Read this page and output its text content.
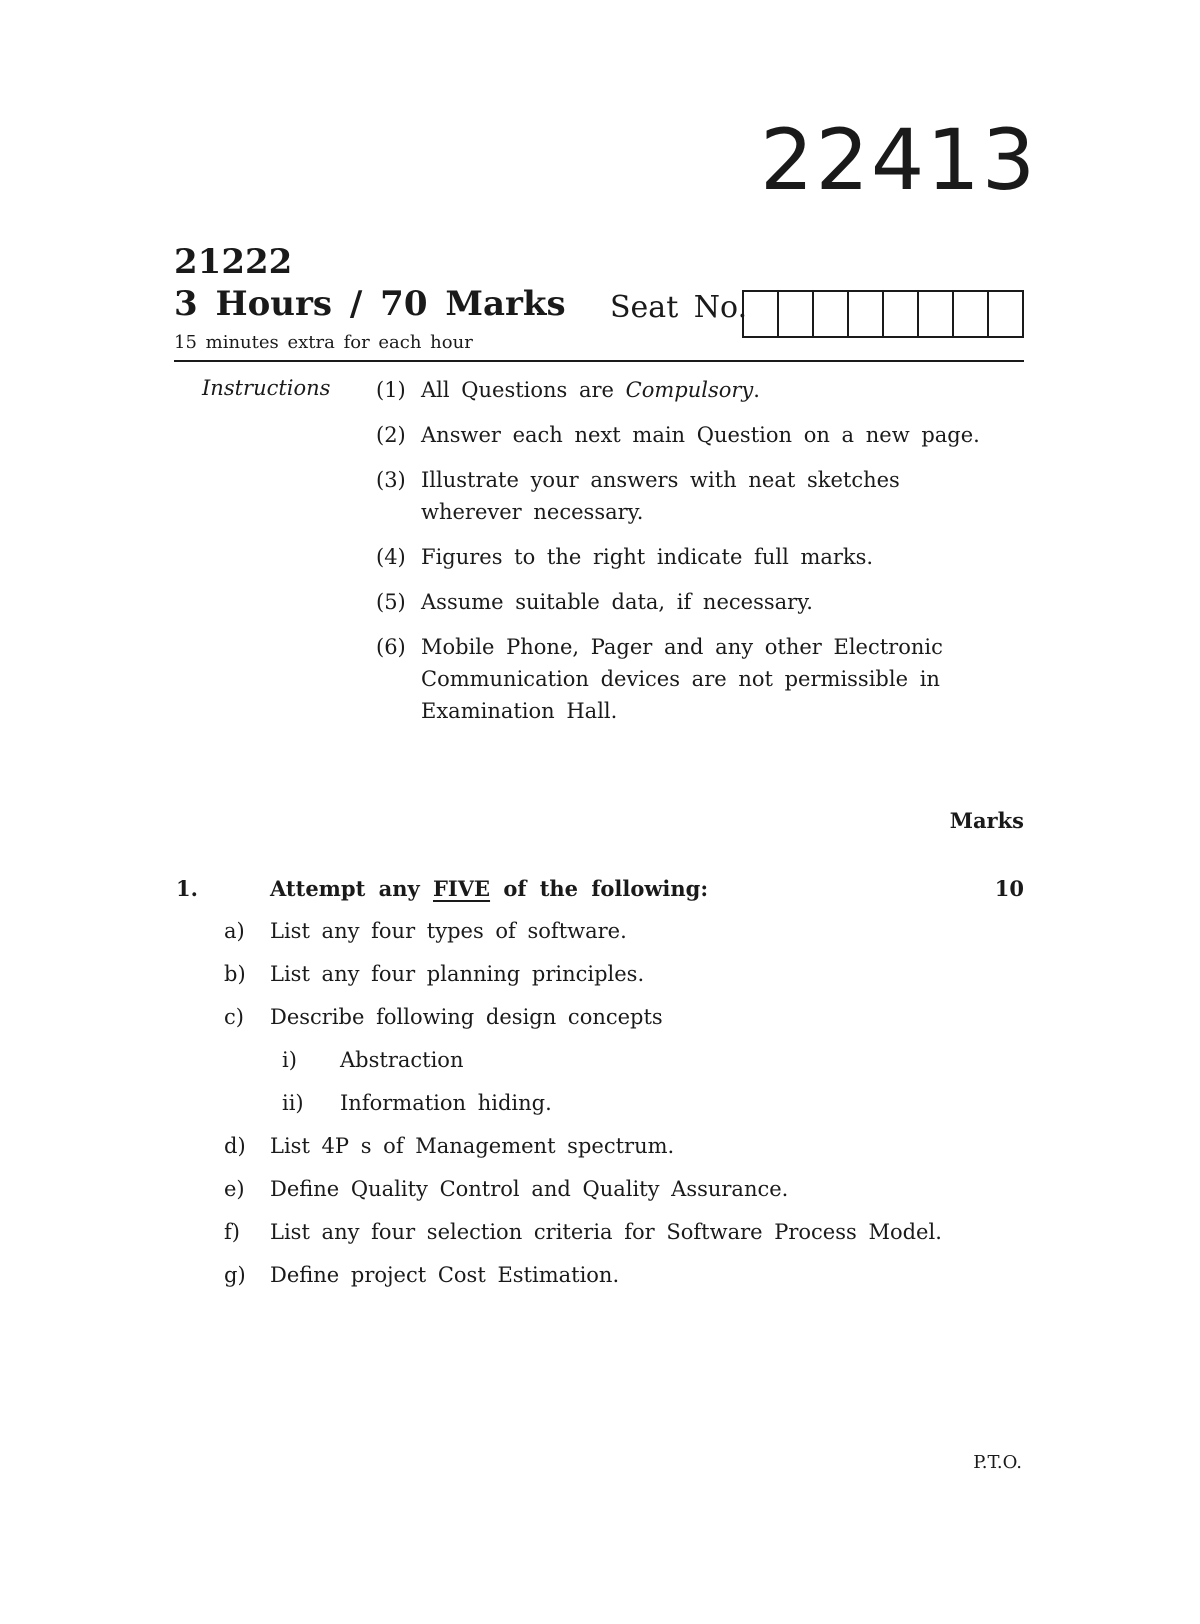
22413
21222
3 Hours / 70 Marks
15 minutes extra for each hour
Seat No.
Instructions (1) All Questions are Compulsory.
(2) Answer each next main Question on a new page.
(3) Illustrate your answers with neat sketches wherever necessary.
(4) Figures to the right indicate full marks.
(5) Assume suitable data, if necessary.
(6) Mobile Phone, Pager and any other Electronic Communication devices are not permissible in Examination Hall.
Marks
1.	Attempt any FIVE of the following:	10
a)	List any four types of software.
b)	List any four planning principles.
c)	Describe following design concepts
i)	Abstraction
ii)	Information hiding.
d)	List 4P s of Management spectrum.
e)	Define Quality Control and Quality Assurance.
f)	List any four selection criteria for Software Process Model.
g)	Define project Cost Estimation.
P.T.O.
